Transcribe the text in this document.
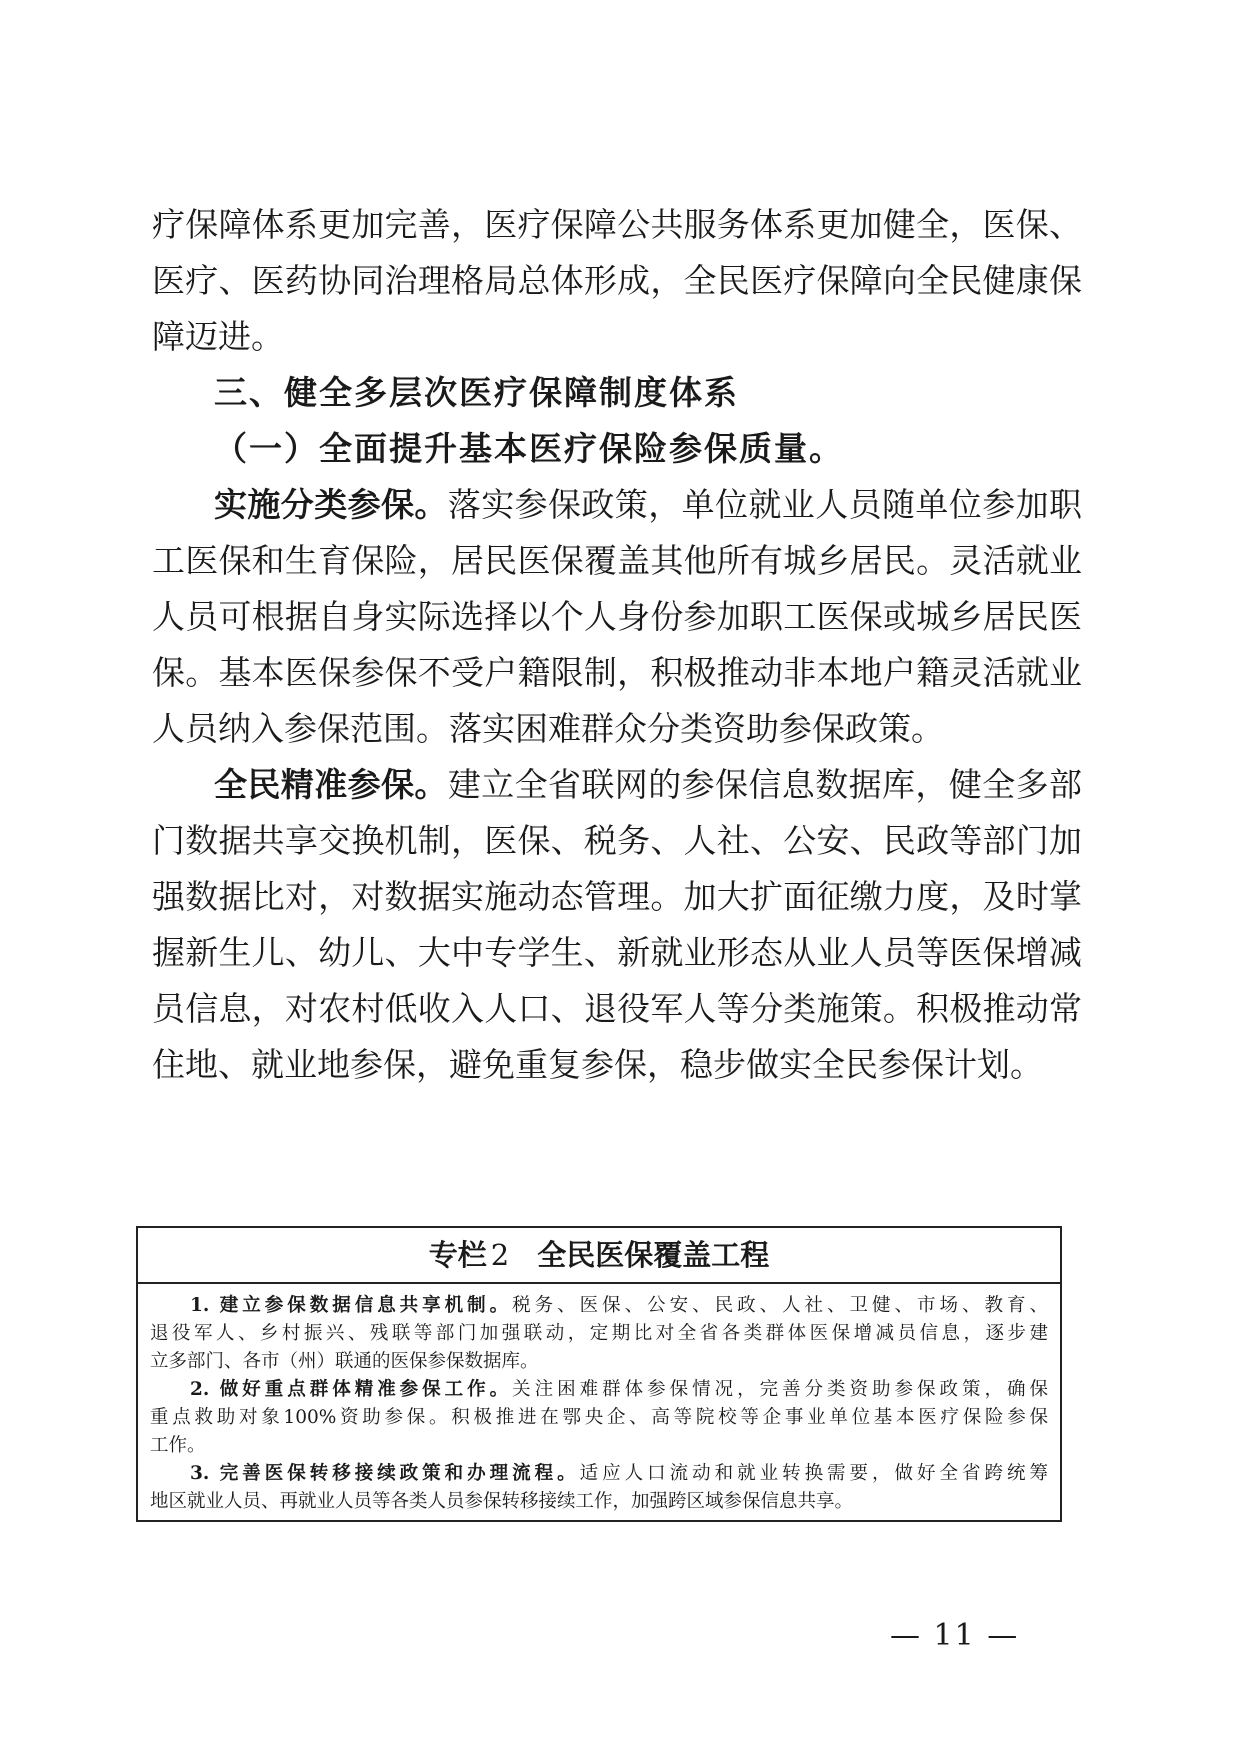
疗保障体系更加完善，医疗保障公共服务体系更加健全，医保、
医疗、医药协同治理格局总体形成，全民医疗保障向全民健康保
障迈进。
三、健全多层次医疗保障制度体系
（一）全面提升基本医疗保险参保质量。
实施分类参保。落实参保政策，单位就业人员随单位参加职
工医保和生育保险，居民医保覆盖其他所有城乡居民。灵活就业
人员可根据自身实际选择以个人身份参加职工医保或城乡居民医
保。基本医保参保不受户籍限制，积极推动非本地户籍灵活就业
人员纳入参保范围。落实困难群众分类资助参保政策。
全民精准参保。建立全省联网的参保信息数据库，健全多部
门数据共享交换机制，医保、税务、人社、公安、民政等部门加
强数据比对，对数据实施动态管理。加大扩面征缴力度，及时掌
握新生儿、幼儿、大中专学生、新就业形态从业人员等医保增减
员信息，对农村低收入人口、退役军人等分类施策。积极推动常
住地、就业地参保，避免重复参保，稳步做实全民参保计划。
专栏 2 全民医保覆盖工程
1. 建立参保数据信息共享机制。税务、医保、公安、民政、人社、卫健、市场、教育、
退役军人、乡村振兴、残联等部门加强联动，定期比对全省各类群体医保增减员信息，逐步建
立多部门、各市（州）联通的医保参保数据库。
2. 做好重点群体精准参保工作。关注困难群体参保情况，完善分类资助参保政策，确保
重点救助对象100%资助参保。积极推进在鄂央企、高等院校等企事业单位基本医疗保险参保
工作。
3. 完善医保转移接续政策和办理流程。适应人口流动和就业转换需要，做好全省跨统筹
地区就业人员、再就业人员等各类人员参保转移接续工作，加强跨区域参保信息共享。
— 11 —
